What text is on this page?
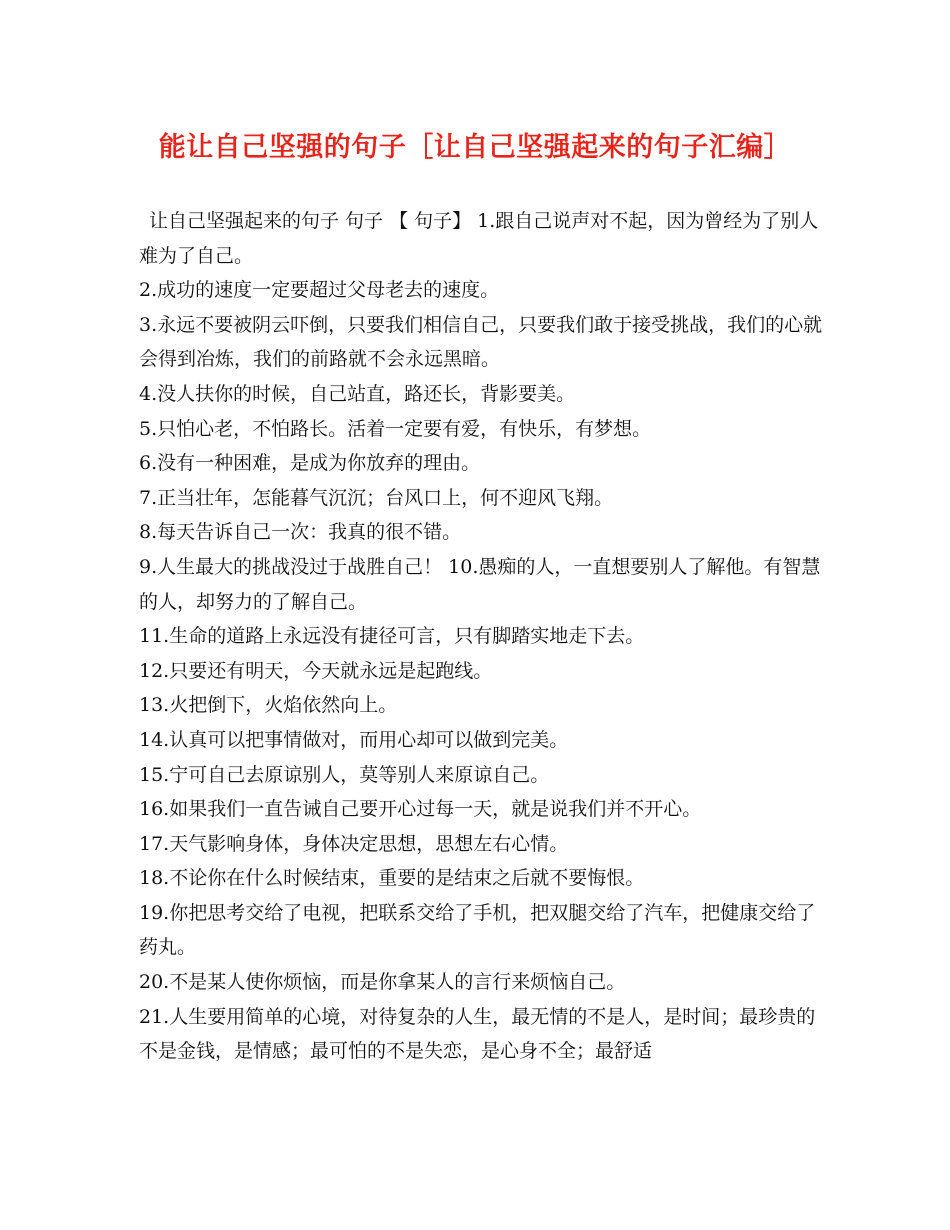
能让自己坚强的句子［让自己坚强起来的句子汇编］

让自己坚强起来的句子 句子 【 句子】 1.跟自己说声对不起，因为曾经为了别人难为了自己。

2.成功的速度一定要超过父母老去的速度。

3.永远不要被阴云吓倒，只要我们相信自己，只要我们敢于接受挑战，我们的心就会得到冶炼，我们的前路就不会永远黑暗。

4.没人扶你的时候，自己站直，路还长，背影要美。

5.只怕心老，不怕路长。活着一定要有爱，有快乐，有梦想。

6.没有一种困难，是成为你放弃的理由。

7.正当壮年，怎能暮气沉沉；台风口上，何不迎风飞翔。

8.每天告诉自己一次：我真的很不错。

9.人生最大的挑战没过于战胜自己！ 10.愚痴的人，一直想要别人了解他。有智慧的人，却努力的了解自己。

11.生命的道路上永远没有捷径可言，只有脚踏实地走下去。

12.只要还有明天，今天就永远是起跑线。

13.火把倒下，火焰依然向上。

14.认真可以把事情做对，而用心却可以做到完美。

15.宁可自己去原谅别人，莫等别人来原谅自己。

16.如果我们一直告诫自己要开心过每一天，就是说我们并不开心。

17.天气影响身体，身体决定思想，思想左右心情。

18.不论你在什么时候结束，重要的是结束之后就不要悔恨。

19.你把思考交给了电视，把联系交给了手机，把双腿交给了汽车，把健康交给了药丸。

20.不是某人使你烦恼，而是你拿某人的言行来烦恼自己。

21.人生要用简单的心境，对待复杂的人生，最无情的不是人，是时间；最珍贵的不是金钱，是情感；最可怕的不是失恋，是心身不全；最舒适
